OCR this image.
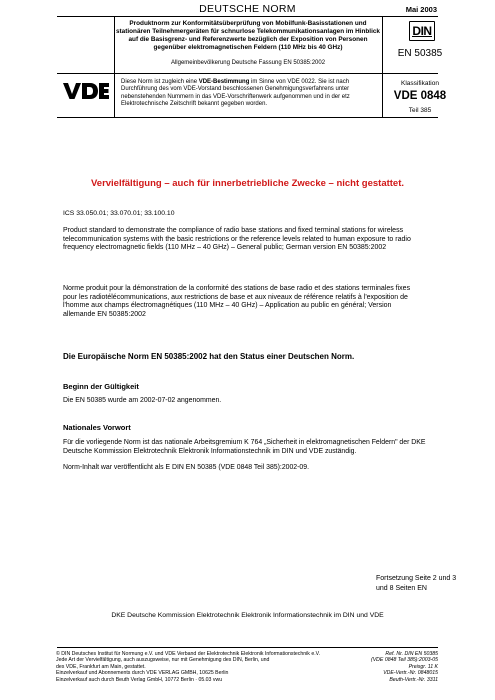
DEUTSCHE NORM	Mai 2003
Produktnorm zur Konformitätsüberprüfung von Mobilfunk-Basisstationen und
stationären Teilnehmergeräten für schnurlose Telekommunikationsanlagen im Hinblick
auf die Basisgrenz- und Referenzwerte bezüglich der Exposition von Personen
gegenüber elektromagnetischen Feldern (110 MHz bis 40 GHz)
Allgemeinbevölkerung Deutsche Fassung EN 50385:2002
DIN
EN 50385
Diese Norm ist zugleich eine VDE-Bestimmung im Sinne von VDE 0022. Sie ist nach Durchführung des vom VDE-Vorstand beschlossenen Genehmigungsverfahrens unter nebenstehenden Nummern in das VDE-Vorschriftenwerk aufgenommen und in der etz Elektrotechnische Zeitschrift bekannt gegeben worden.
Klassifikation
VDE 0848
Teil 385
Vervielfältigung – auch für innerbetriebliche Zwecke – nicht gestattet.
ICS 33.050.01; 33.070.01; 33.100.10
Product standard to demonstrate the compliance of radio base stations and fixed terminal stations for wireless telecommunication systems with the basic restrictions or the reference levels related to human exposure to radio frequency electromagnetic fields (110 MHz – 40 GHz) – General public; German version EN 50385:2002
Norme produit pour la démonstration de la conformité des stations de base radio et des stations terminales fixes pour les radiotélécommunications, aux restrictions de base et aux niveaux de référence relatifs à l'exposition de l'homme aux champs électromagnétiques (110 MHz – 40 GHz) – Application au public en général; Version allemande EN 50385:2002
Die Europäische Norm EN 50385:2002 hat den Status einer Deutschen Norm.
Beginn der Gültigkeit
Die EN 50385 wurde am 2002-07-02 angenommen.
Nationales Vorwort
Für die vorliegende Norm ist das nationale Arbeitsgremium K 764 „Sicherheit in elektromagnetischen Feldern" der DKE Deutsche Kommission Elektrotechnik Elektronik Informationstechnik im DIN und VDE zuständig.
Norm-Inhalt war veröffentlicht als E DIN EN 50385 (VDE 0848 Teil 385):2002-09.
Fortsetzung Seite 2 und 3
und 8 Seiten EN
DKE Deutsche Kommission Elektrotechnik Elektronik Informationstechnik im DIN und VDE
© DIN Deutsches Institut für Normung e.V. und VDE Verband der Elektrotechnik Elektronik Informationstechnik e.V.
Jede Art der Vervielfältigung, auch auszugsweise, nur mit Genehmigung des DIN, Berlin, und
des VDE, Frankfurt am Main, gestattet.
Einzelverkauf und Abonnements durch VDE VERLAG GMBH, 10625 Berlin
Einzelverkauf auch durch Beuth Verlag GmbH, 10772 Berlin · 05.03 vwu
Ref. Nr. DIN EN 50385
(VDE 0848 Teil 385):2003-05
Preisgr. 11 K
VDE-Vertr.-Nr. 0848015
Beuth-Vertr.-Nr. 3311
